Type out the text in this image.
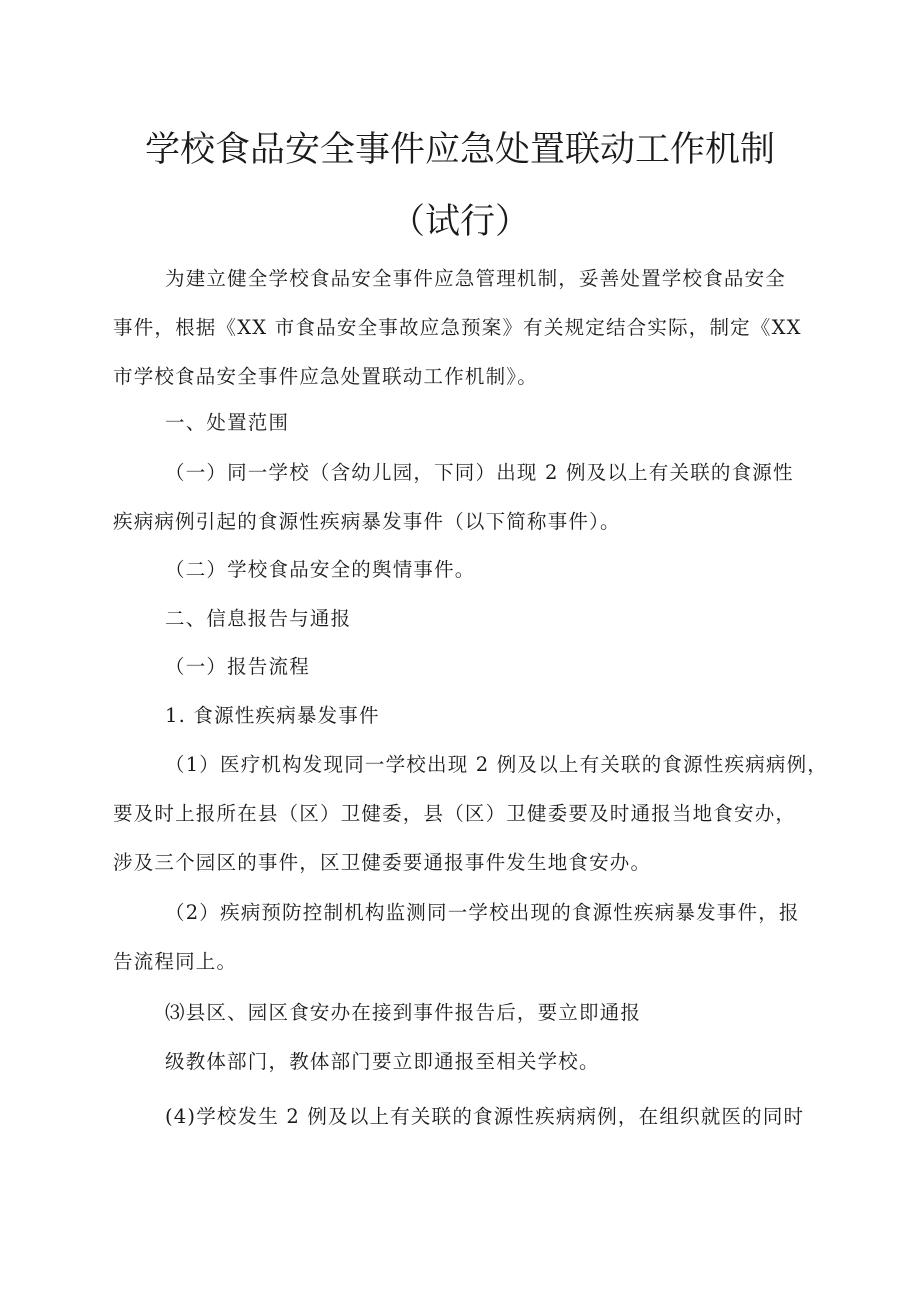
学校食品安全事件应急处置联动工作机制
（试行）
为建立健全学校食品安全事件应急管理机制，妥善处置学校食品安全
事件，根据《XX 市食品安全事故应急预案》有关规定结合实际，制定《XX
市学校食品安全事件应急处置联动工作机制》。
一、处置范围
（一）同一学校（含幼儿园，下同）出现 2 例及以上有关联的食源性
疾病病例引起的食源性疾病暴发事件（以下简称事件）。
（二）学校食品安全的舆情事件。
二、信息报告与通报
（一）报告流程
1. 食源性疾病暴发事件
（1）医疗机构发现同一学校出现 2 例及以上有关联的食源性疾病病例，
要及时上报所在县（区）卫健委，县（区）卫健委要及时通报当地食安办，
涉及三个园区的事件，区卫健委要通报事件发生地食安办。
（2）疾病预防控制机构监测同一学校出现的食源性疾病暴发事件，报
告流程同上。
⑶县区、园区食安办在接到事件报告后，要立即通报
级教体部门，教体部门要立即通报至相关学校。
(4)学校发生 2 例及以上有关联的食源性疾病病例，在组织就医的同时
